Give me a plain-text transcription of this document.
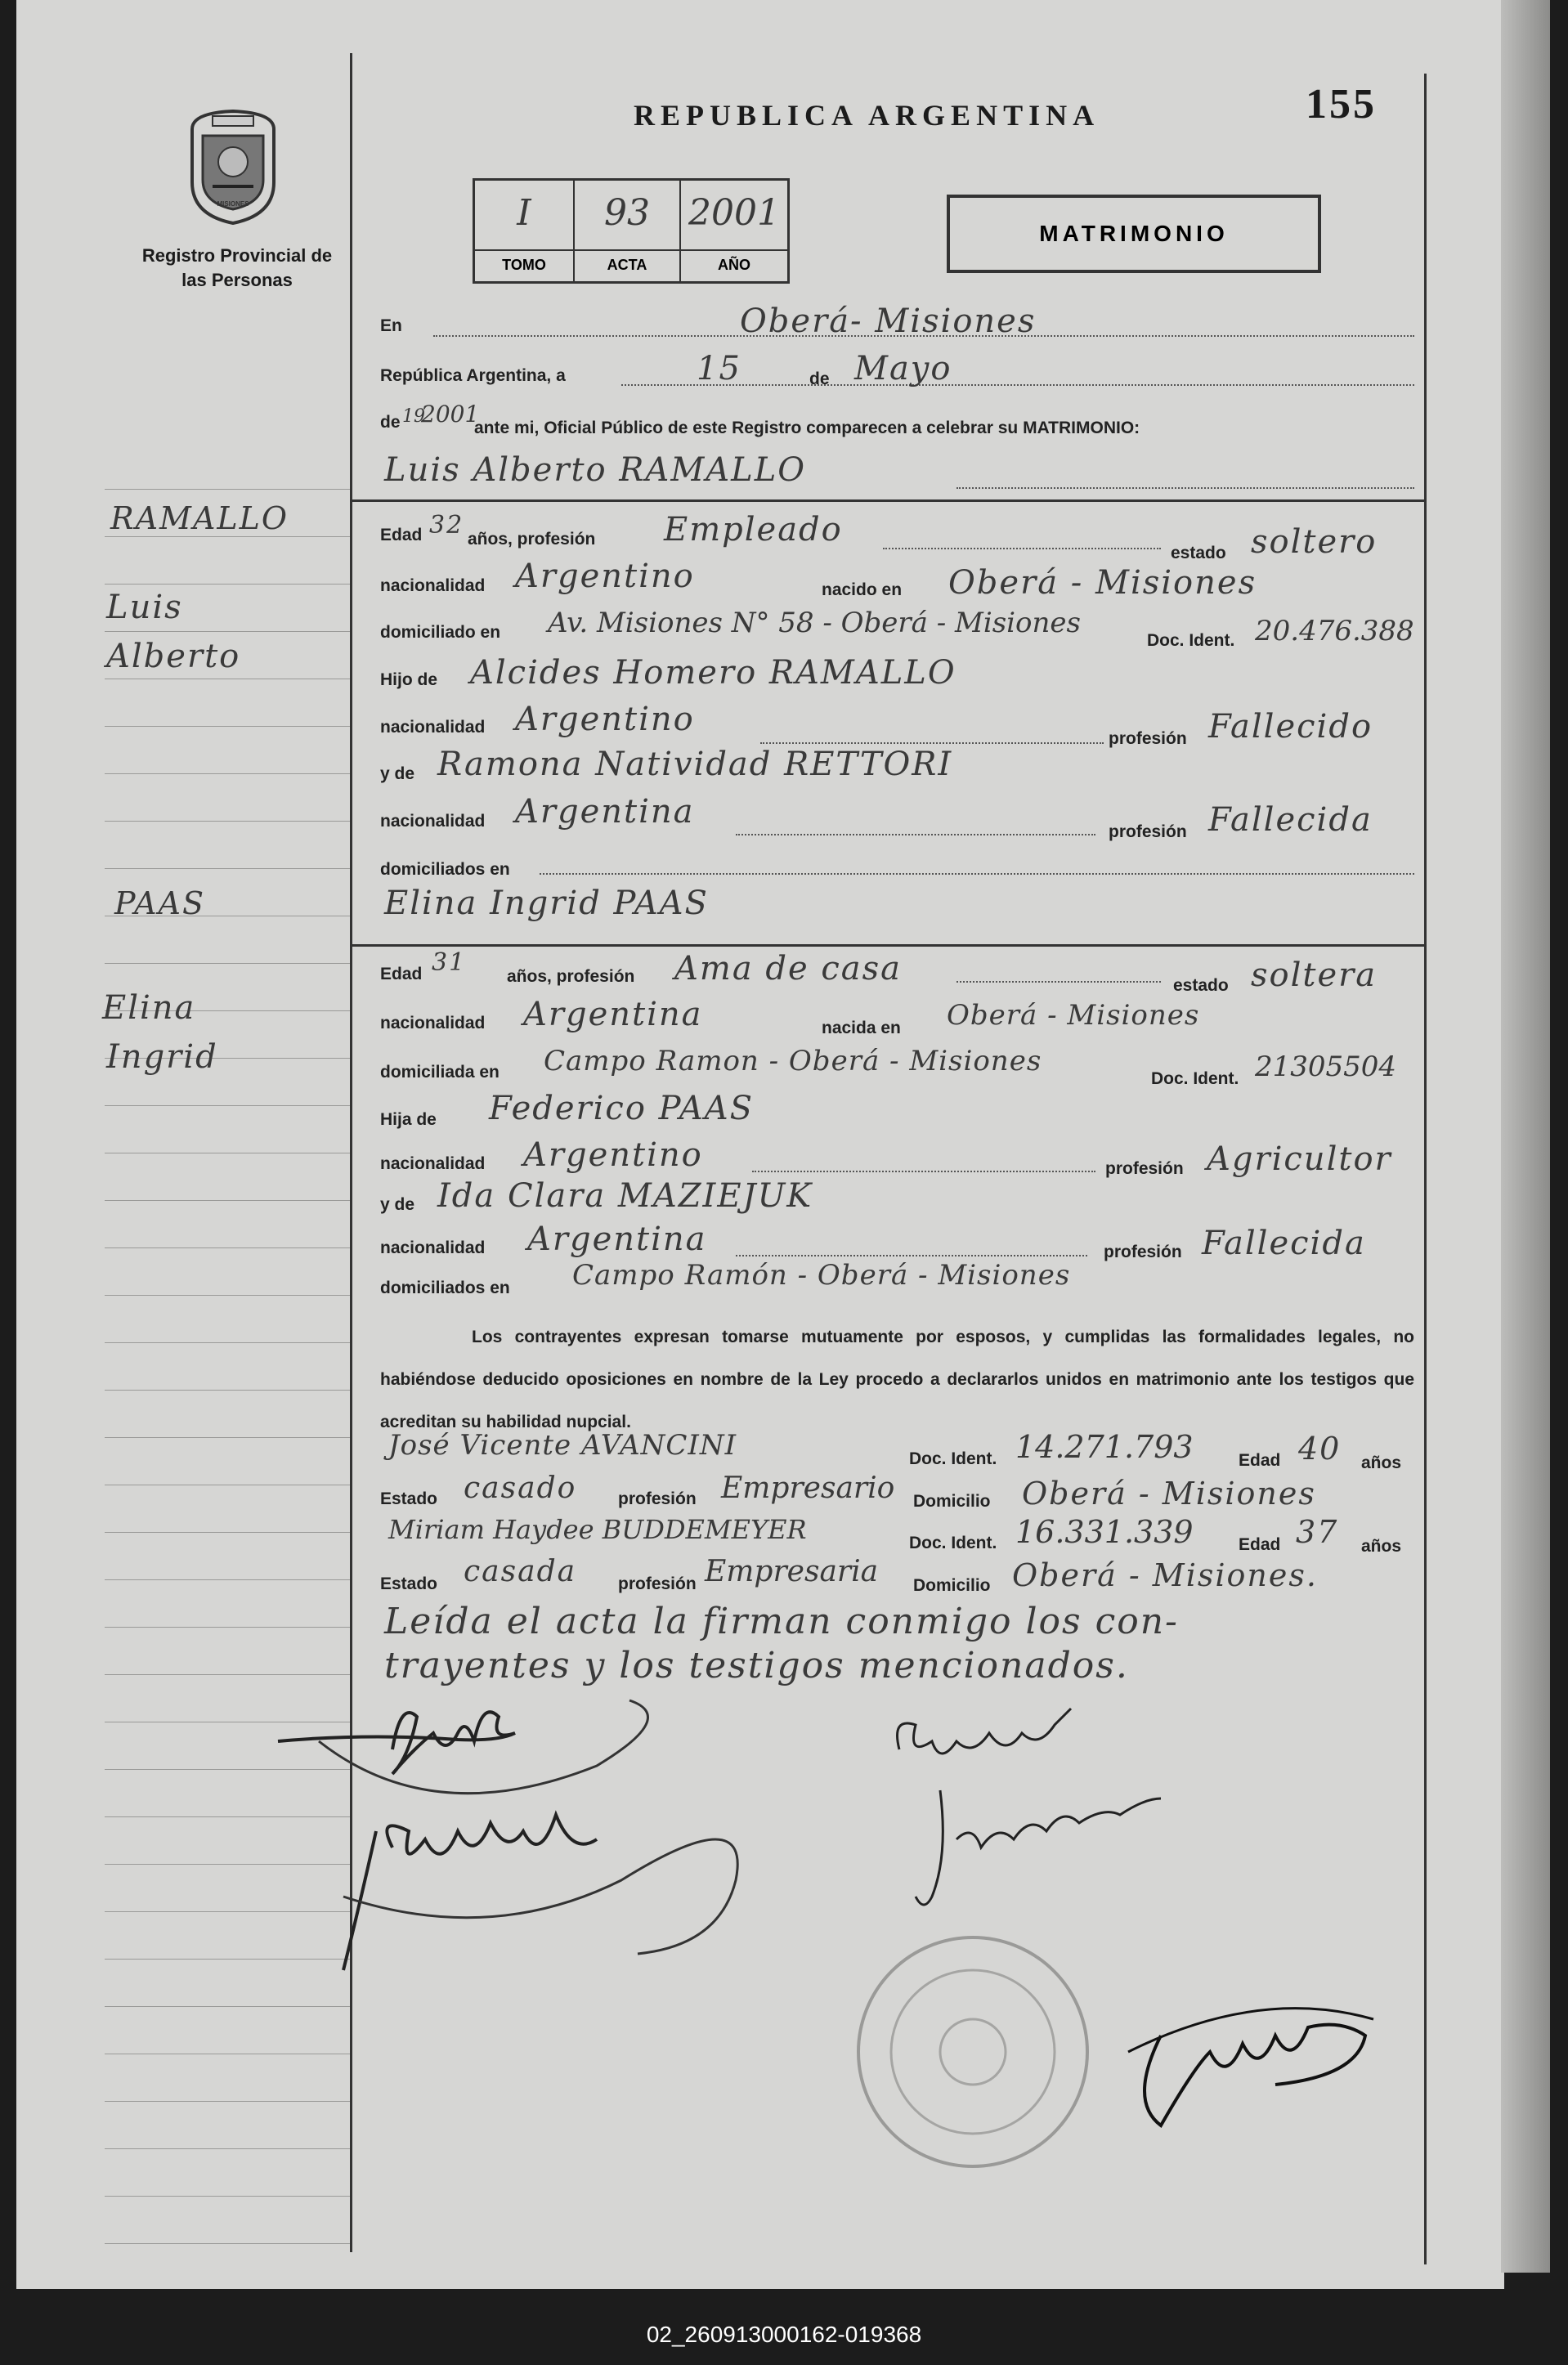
MISIONES
Registro Provincial de las Personas
REPUBLICA ARGENTINA	155
I
TOMO
93
ACTA
2001
AÑO
MATRIMONIO
RAMALLO
Luis
Alberto
PAAS
Elina
Ingrid
En	Oberá- Misiones
República Argentina, a	15	de Mayo
de 19
2001
ante mi, Oficial Público de este Registro comparecen a celebrar su MATRIMONIO:
Luis Alberto RAMALLO
Edad 32 años, profesión Empleado
estado soltero
nacionalidad Argentino	nacido en Oberá - Misiones
domiciliado en Av. Misiones N° 58 - Oberá - Misiones
Doc. Ident. 20.476.388
Hijo de Alcides Homero RAMALLO
nacionalidad Argentino
profesión Fallecido
y de Ramona Natividad RETTORI
nacionalidad Argentina
profesión Fallecida
domiciliados en
Elina Ingrid PAAS
Edad 31 años, profesión Ama de casa	estado soltera
nacionalidad Argentina	nacida en Oberá - Misiones
domiciliada en Campo Ramon - Oberá - Misiones
Doc. Ident. 21305504
Hija de Federico PAAS
nacionalidad Argentino	profesión Agricultor
y de Ida Clara MAZIEJUK
nacionalidad Argentina	profesión Fallecida
domiciliados en Campo Ramón - Oberá - Misiones
Los contrayentes expresan tomarse mutuamente por esposos, y cumplidas las formalidades legales, no habiéndose deducido oposiciones en nombre de la Ley procedo a declararlos unidos en matrimonio ante los testigos que acreditan su habilidad nupcial.
José Vicente AVANCINI	Doc. Ident. 14.271.793	Edad 40 años
Estado casado profesión Empresario Domicilio Oberá - Misiones
Miriam Haydee BUDDEMEYER	Doc. Ident. 16.331.339	Edad 37 años
Estado casada profesión Empresaria Domicilio Oberá - Misiones.
Leída el acta la firman conmigo los con-
trayentes y los testigos mencionados.
02_260913000162-019368
